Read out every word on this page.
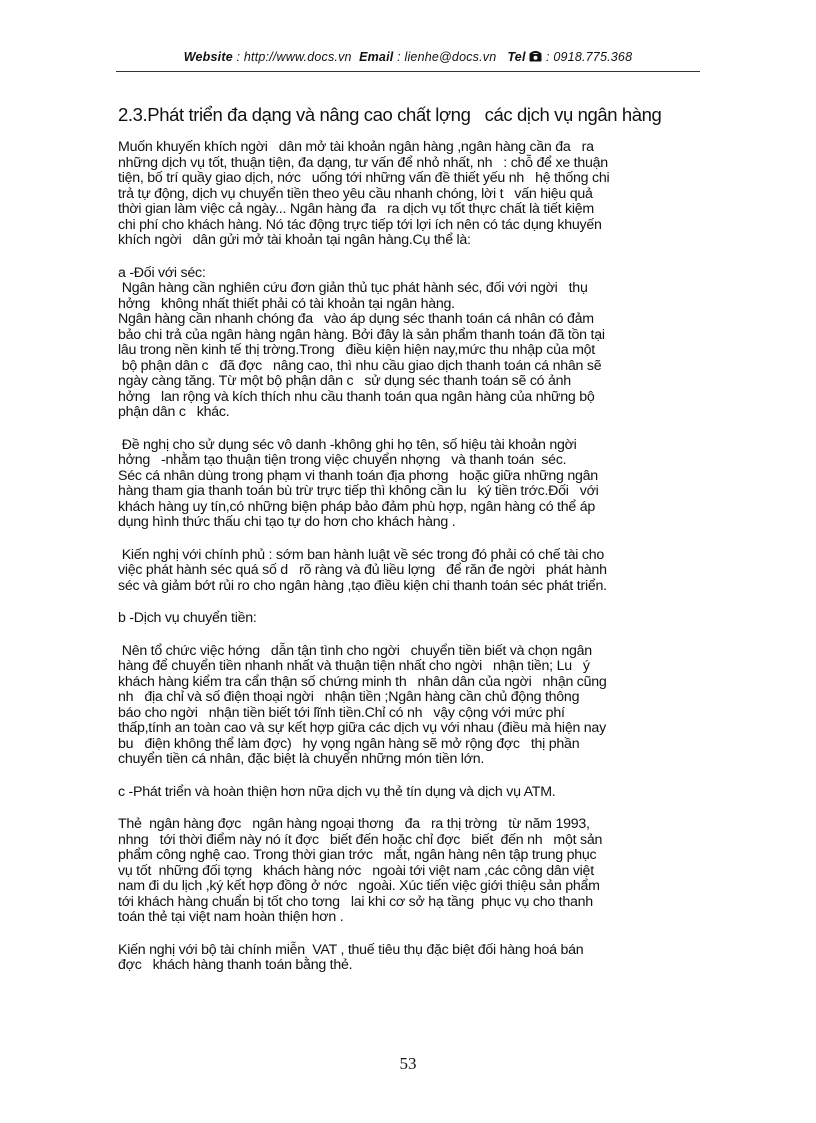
Website : http://www.docs.vn Email : lienhe@docs.vn Tel : 0918.775.368
2.3.Phát triển đa dạng và nâng cao chất lợng   các dịch vụ ngân hàng
Muốn khuyến khích ngời   dân mở tài khoản ngân hàng ,ngân hàng cần đa   ra
những dịch vụ tốt, thuận tiện, đa dạng, tư vấn để nhỏ nhất, nh   : chỗ để xe thuận
tiện, bố trí quầy giao dịch, nớc   uống tới những vấn đề thiết yếu nh   hệ thống chi
trả tự động, dịch vụ chuyển tiền theo yêu cầu nhanh chóng, lời t   vấn hiệu quả
thời gian làm việc cả ngày... Ngân hàng đa   ra dịch vụ tốt thực chất là tiết kiệm
chi phí cho khách hàng. Nó tác động trực tiếp tới lợi ích nên có tác dụng khuyến
khích ngời   dân gửi mở tài khoản tại ngân hàng.Cụ thể là:
a -Đối với séc:
Ngân hàng cần nghiên cứu đơn giản thủ tục phát hành séc, đối với ngời   thụ
hởng   không nhất thiết phải có tài khoản tại ngân hàng.
Ngân hàng cần nhanh chóng đa   vào áp dụng séc thanh toán cá nhân có đảm
bảo chi trả của ngân hàng ngân hàng. Bởi đây là sản phẩm thanh toán đã tồn tại
lâu trong nền kinh tế thị trờng.Trong   điều kiện hiện nay,mức thu nhập của một
bộ phận dân c   đã đợc   nâng cao, thì nhu cầu giao dịch thanh toán cá nhân sẽ
ngày càng tăng. Từ một bộ phận dân c   sử dụng séc thanh toán sẽ có ảnh
hởng   lan rộng và kích thích nhu cầu thanh toán qua ngân hàng của những bộ
phận dân c   khác.
Đề nghị cho sử dụng séc vô danh -không ghi họ tên, số hiệu tài khoản ngời
hởng   -nhằm tạo thuận tiện trong việc chuyển nhợng   và thanh toán  séc.
Séc cá nhân dùng trong phạm vi thanh toán địa phơng   hoặc giữa những ngân
hàng tham gia thanh toán bù trừ trực tiếp thì không cần lu   ký tiền trớc.Đối   với
khách hàng uy tín,có những biện pháp bảo đảm phù hợp, ngân hàng có thể áp
dụng hình thức thấu chi tạo tự do hơn cho khách hàng .
Kiến nghị với chính phủ : sớm ban hành luật về séc trong đó phải có chế tài cho
việc phát hành séc quá số d   rõ ràng và đủ liều lợng   để răn đe ngời   phát hành
séc và giảm bớt rủi ro cho ngân hàng ,tạo điều kiện chi thanh toán séc phát triển.
b -Dịch vụ chuyển tiền:
Nên tổ chức việc hớng   dẫn tận tình cho ngời   chuyển tiền biết và chọn ngân
hàng để chuyển tiền nhanh nhất và thuận tiện nhất cho ngời   nhận tiền; Lu   ý
khách hàng kiểm tra cẩn thận số chứng minh th   nhân dân của ngời   nhận cũng
nh   địa chỉ và số điện thoại ngời   nhận tiền ;Ngân hàng cần chủ động thông
báo cho ngời   nhận tiền biết tới lĩnh tiền.Chỉ có nh   vậy cộng với mức phí
thấp,tính an toàn cao và sự kết hợp giữa các dịch vụ với nhau (điều mà hiện nay
bu   điện không thể làm đợc)   hy vọng ngân hàng sẽ mở rộng đợc   thị phần
chuyển tiền cá nhân, đặc biệt là chuyển những món tiền lớn.
c -Phát triển và hoàn thiện hơn nữa dịch vụ thẻ tín dụng và dịch vụ ATM.
Thẻ  ngân hàng đợc   ngân hàng ngoại thơng   đa   ra thị trờng   từ năm 1993,
nhng   tới thời điểm này nó ít đợc   biết đến hoặc chỉ đợc   biết  đến nh   một sản
phẩm công nghệ cao. Trong thời gian trớc   mắt, ngân hàng nên tập trung phục
vụ tốt  những đối tợng   khách hàng nớc   ngoài tới việt nam ,các công dân việt
nam đi du lịch ,ký kết hợp đồng ở nớc   ngoài. Xúc tiến việc giới thiệu sản phẩm
tới khách hàng chuẩn bị tốt cho tơng   lai khi cơ sở hạ tầng  phục vụ cho thanh
toán thẻ tại việt nam hoàn thiện hơn .
Kiến nghị với bộ tài chính miễn  VAT , thuế tiêu thụ đặc biệt đối hàng hoá bán
đợc   khách hàng thanh toán bằng thẻ.
53
